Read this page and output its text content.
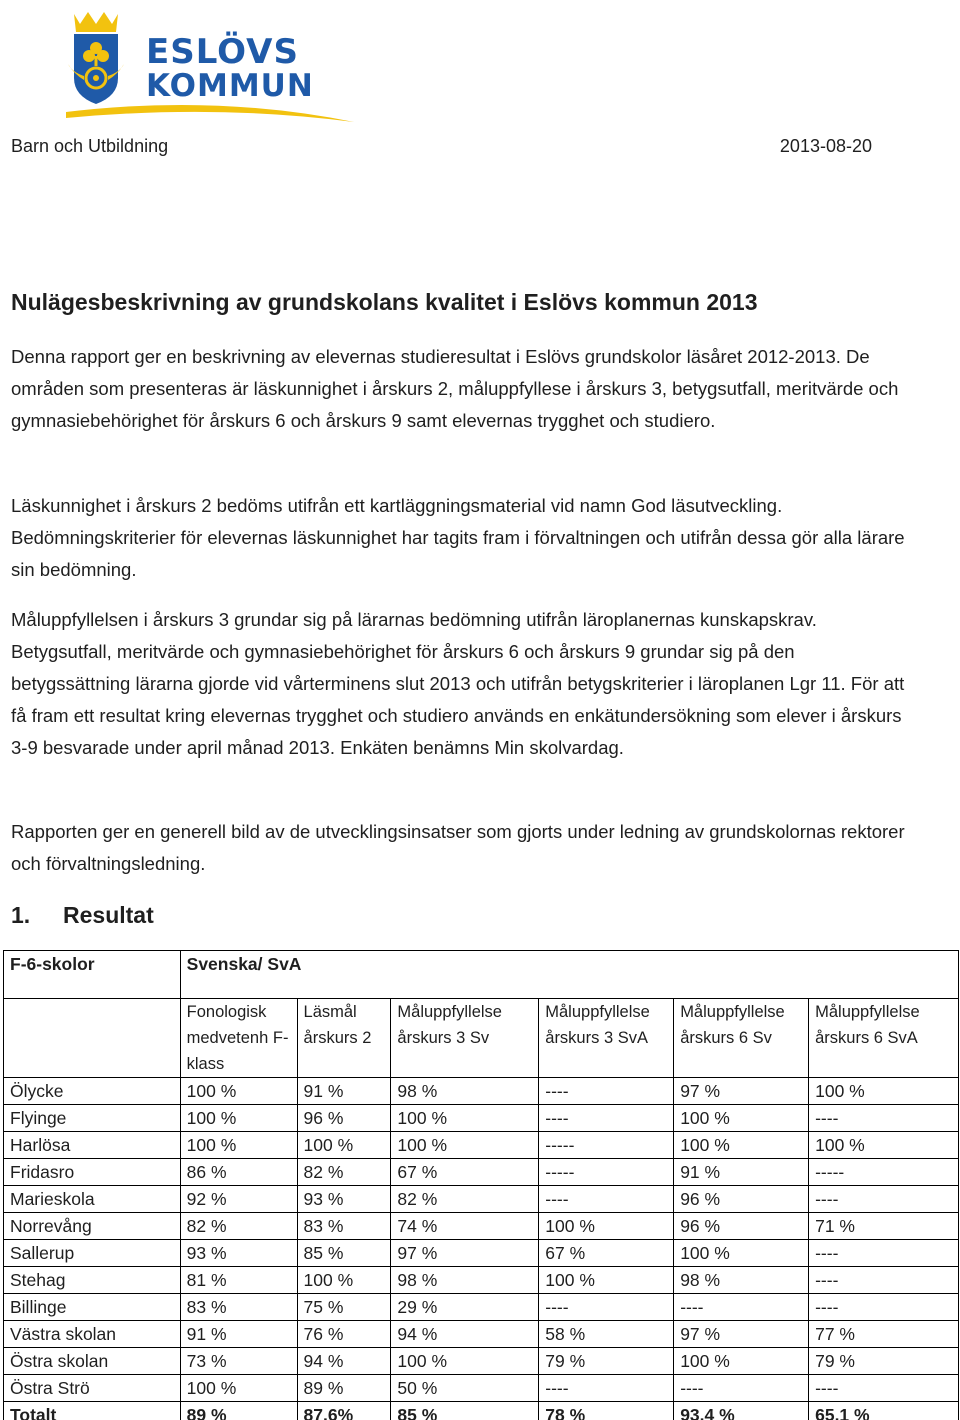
ESLÖVS
KOMMUN
Barn och Utbildning	2013-08-20
Nulägesbeskrivning av grundskolans kvalitet i Eslövs kommun 2013

Denna rapport ger en beskrivning av elevernas studieresultat i Eslövs grundskolor läsåret 2012-2013. De områden som presenteras är läskunnighet i årskurs 2, måluppfyllese i årskurs 3, betygsutfall, meritvärde och gymnasiebehörighet för årskurs 6 och årskurs 9 samt elevernas trygghet och studiero.

Läskunnighet i årskurs 2 bedöms utifrån ett kartläggningsmaterial vid namn God läsutveckling. Bedömningskriterier för elevernas läskunnighet har tagits fram i förvaltningen och utifrån dessa gör alla lärare sin bedömning.

Måluppfyllelsen i årskurs 3 grundar sig på lärarnas bedömning utifrån läroplanernas kunskapskrav. Betygsutfall, meritvärde och gymnasiebehörighet för årskurs 6 och årskurs 9 grundar sig på den betygssättning lärarna gjorde vid vårterminens slut 2013 och utifrån betygskriterier i läroplanen Lgr 11. För att få fram ett resultat kring elevernas trygghet och studiero används en enkätundersökning som elever i årskurs 3-9 besvarade under april månad 2013. Enkäten benämns Min skolvardag.

Rapporten ger en generell bild av de utvecklingsinsatser som gjorts under ledning av grundskolornas rektorer och förvaltningsledning.

1. Resultat
F-6-skolor	Svenska/ SvA					
	Fonologisk medvetenh F-klass	Läsmål årskurs 2	Måluppfyllelse årskurs 3 Sv	Måluppfyllelse årskurs 3 SvA	Måluppfyllelse årskurs 6 Sv	Måluppfyllelse årskurs 6 SvA
Ölycke	100 %	91 %	98 %	----	97 %	100 %
Flyinge	100 %	96 %	100 %	----	100 %	----
Harlösa	100 %	100 %	100 %	-----	100 %	100 %
Fridasro	86 %	82 %	67 %	-----	91 %	-----
Marieskola	92 %	93 %	82 %	----	96 %	----
Norrevång	82 %	83 %	74 %	100 %	96 %	71 %
Sallerup	93 %	85 %	97 %	67 %	100 %	----
Stehag	81 %	100 %	98 %	100 %	98 %	----
Billinge	83 %	75 %	29 %	----	----	----
Västra skolan	91 %	76 %	94 %	58 %	97 %	77 %
Östra skolan	73 %	94 %	100 %	79 %	100 %	79 %
Östra Strö	100 %	89 %	50 %	----	----	----
Totalt	89 %	87.6%	85 %	78 %	93.4 %	65.1 %
